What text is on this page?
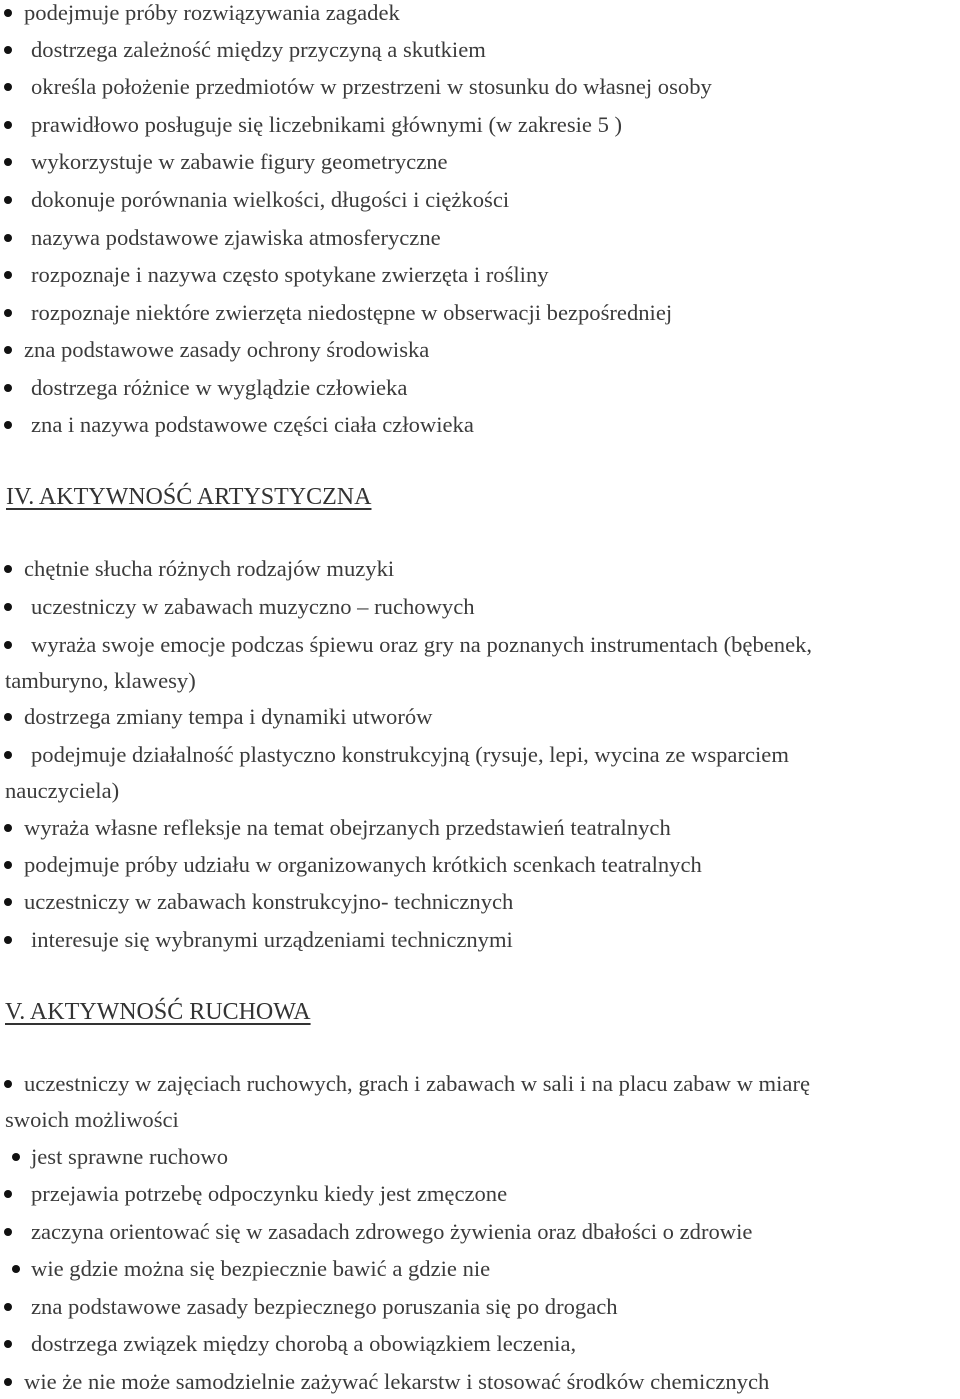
podejmuje próby rozwiązywania zagadek
dostrzega zależność między przyczyną a skutkiem
określa położenie przedmiotów w przestrzeni w stosunku do własnej osoby
prawidłowo posługuje się liczebnikami głównymi (w zakresie 5 )
wykorzystuje w zabawie figury geometryczne
dokonuje porównania wielkości, długości i ciężkości
nazywa podstawowe zjawiska atmosferyczne
rozpoznaje i nazywa często spotykane zwierzęta i rośliny
rozpoznaje niektóre zwierzęta niedostępne w obserwacji bezpośredniej
zna podstawowe zasady ochrony środowiska
dostrzega różnice w wyglądzie człowieka
zna i nazywa podstawowe części ciała człowieka
IV. AKTYWNOŚĆ ARTYSTYCZNA
chętnie słucha różnych rodzajów muzyki
uczestniczy w zabawach muzyczno – ruchowych
wyraża swoje emocje podczas śpiewu oraz gry na poznanych instrumentach (bębenek,
tamburyno, klawesy)
dostrzega zmiany tempa i dynamiki utworów
podejmuje działalność plastyczno konstrukcyjną (rysuje, lepi, wycina ze wsparciem
nauczyciela)
wyraża własne refleksje na temat obejrzanych przedstawień teatralnych
podejmuje próby udziału w organizowanych krótkich scenkach teatralnych
uczestniczy w zabawach konstrukcyjno- technicznych
interesuje się wybranymi urządzeniami technicznymi
V. AKTYWNOŚĆ RUCHOWA
uczestniczy w zajęciach ruchowych, grach i zabawach w sali i na placu zabaw w miarę
swoich możliwości
jest sprawne ruchowo
przejawia potrzebę odpoczynku kiedy jest zmęczone
zaczyna orientować się w zasadach zdrowego żywienia oraz dbałości o zdrowie
wie gdzie można się bezpiecznie bawić a gdzie nie
zna podstawowe zasady bezpiecznego poruszania się po drogach
dostrzega związek między chorobą a obowiązkiem leczenia,
wie że nie może samodzielnie zażywać lekarstw i stosować środków chemicznych
